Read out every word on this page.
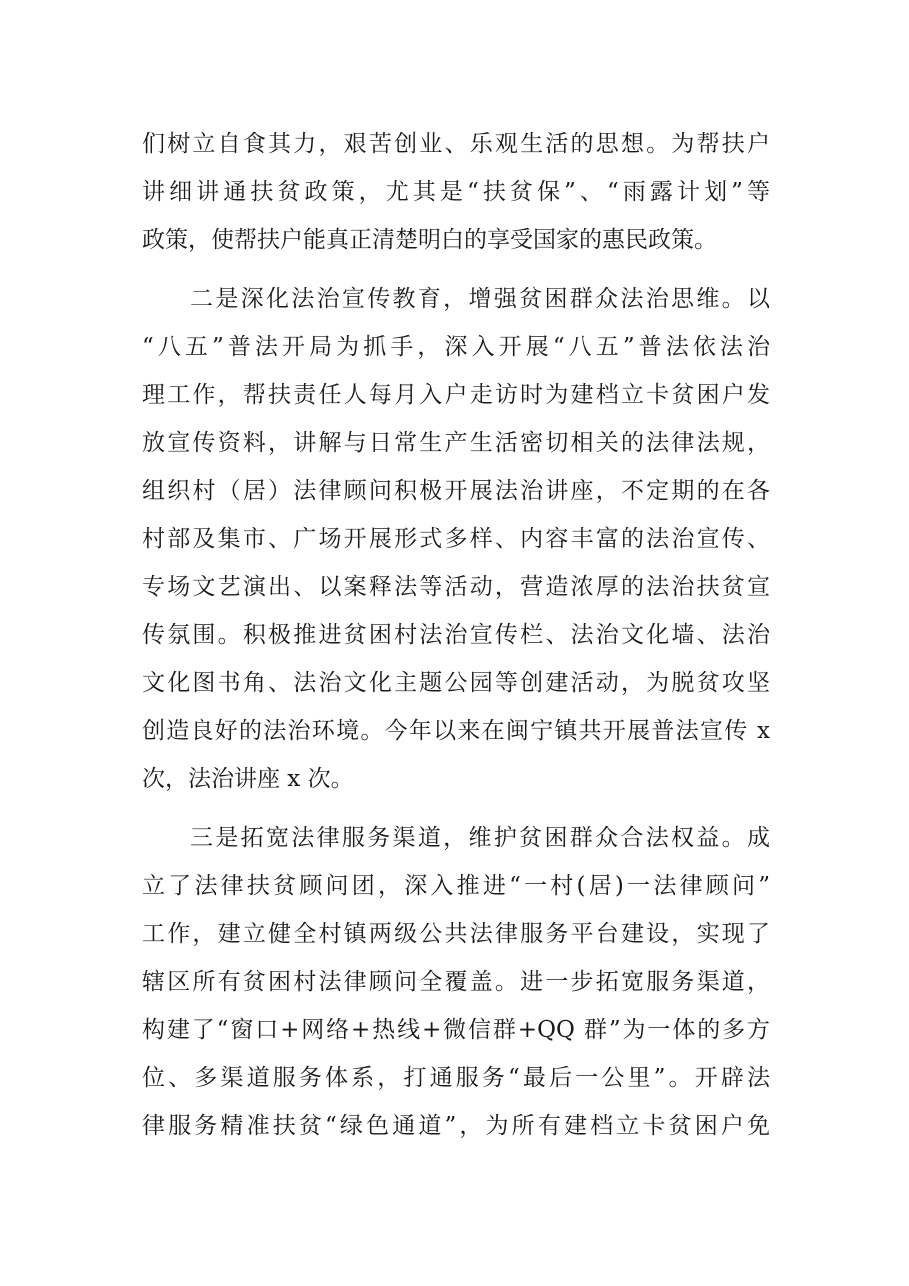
们树立自食其力，艰苦创业、乐观生活的思想。为帮扶户
讲细讲通扶贫政策，尤其是“扶贫保”、“雨露计划”等
政策，使帮扶户能真正清楚明白的享受国家的惠民政策。
二是深化法治宣传教育，增强贫困群众法治思维。以
“八五”普法开局为抓手，深入开展“八五”普法依法治
理工作，帮扶责任人每月入户走访时为建档立卡贫困户发
放宣传资料，讲解与日常生产生活密切相关的法律法规，
组织村（居）法律顾问积极开展法治讲座，不定期的在各
村部及集市、广场开展形式多样、内容丰富的法治宣传、
专场文艺演出、以案释法等活动，营造浓厚的法治扶贫宣
传氛围。积极推进贫困村法治宣传栏、法治文化墙、法治
文化图书角、法治文化主题公园等创建活动，为脱贫攻坚
创造良好的法治环境。今年以来在闽宁镇共开展普法宣传 x
次，法治讲座 x 次。
三是拓宽法律服务渠道，维护贫困群众合法权益。成
立了法律扶贫顾问团，深入推进“一村(居)一法律顾问”
工作，建立健全村镇两级公共法律服务平台建设，实现了
辖区所有贫困村法律顾问全覆盖。进一步拓宽服务渠道，
构建了“窗口+网络+热线+微信群+QQ 群”为一体的多方
位、多渠道服务体系，打通服务“最后一公里”。开辟法
律服务精准扶贫“绿色通道”，为所有建档立卡贫困户免
